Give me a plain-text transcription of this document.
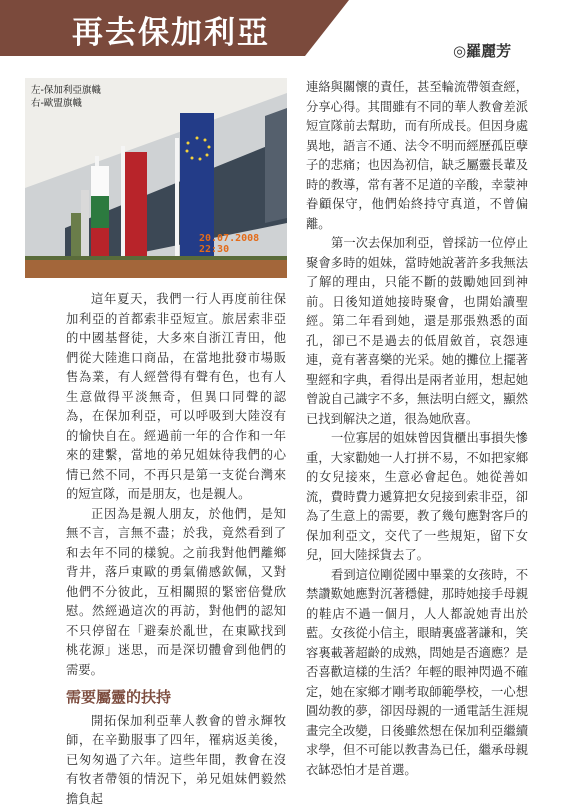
再去保加利亞	◎羅麗芳
左-保加利亞旗幟
右-歐盟旗幟
20.07.2008 22:30

這年夏天，我們一行人再度前往保加利亞的首都索非亞短宣。旅居索非亞的中國基督徒，大多來自浙江青田，他們從大陸進口商品，在當地批發市場販售為業，有人經營得有聲有色，也有人生意做得平淡無奇，但異口同聲的認為，在保加利亞，可以呼吸到大陸沒有的愉快自在。經過前一年的合作和一年來的建繫，當地的弟兄姐妹待我們的心情已然不同，不再只是第一支從台灣來的短宣隊，而是朋友，也是親人。

正因為是親人朋友，於他們，是知無不言，言無不盡；於我，竟然看到了和去年不同的樣貌。之前我對他們離鄉背井，落戶東歐的勇氣備感欽佩，又對他們不分彼此，互相關照的緊密倍覺欣慰。然經過這次的再訪，對他們的認知不只停留在「避秦於亂世，在東歐找到桃花源」迷思，而是深切體會到他們的需要。

需要屬靈的扶持

開拓保加利亞華人教會的曾永輝牧師，在辛勤服事了四年，罹病返美後，已匆匆過了六年。這些年間，教會在沒有牧者帶領的情況下，弟兄姐妹們毅然擔負起

連絡與關懷的責任，甚至輪流帶領查經，分享心得。其間雖有不同的華人教會差派短宣隊前去幫助，而有所成長。但因身處異地，語言不通、法令不明而經歷孤臣孽子的悲痛；也因為初信，缺乏屬靈長輩及時的教導，常有著不足道的辛酸，幸蒙神眷顧保守，他們始終持守真道，不曾偏離。

第一次去保加利亞，曾採訪一位停止聚會多時的姐妹，當時她說著許多我無法了解的理由，只能不斷的鼓勵她回到神前。日後知道她接時聚會，也開始讀聖經。第二年看到她，還是那張熟悉的面孔，卻已不是過去的低眉斂首，哀怨連連，竟有著喜樂的光采。她的攤位上擺著聖經和字典，看得出是兩者並用，想起她曾說自己識字不多，無法明白經文，顯然已找到解決之道，很為她欣喜。

一位寡居的姐妹曾因貨櫃出事損失慘重，大家勸她一人打拼不易，不如把家鄉的女兒接來，生意必會起色。她從善如流，費時費力遞算把女兒接到索非亞，卻為了生意上的需要，教了幾句應對客戶的保加利亞文，交代了一些規矩，留下女兒，回大陸採貨去了。

看到這位剛從國中畢業的女孩時，不禁讚歎她應對沉著穩健，那時她接手母親的鞋店不過一個月，人人都說她青出於藍。女孩從小信主，眼睛裏盛著謙和，笑容裏載著超齡的成熟，問她是否適應？是否喜歡這樣的生活？年輕的眼神閃過不確定，她在家鄉才剛考取師範學校，一心想圓幼教的夢，卻因母親的一通電話生涯規畫完全改變，日後雖然想在保加利亞繼續求學，但不可能以教書為已任，繼承母親衣缽恐怕才是首選。
